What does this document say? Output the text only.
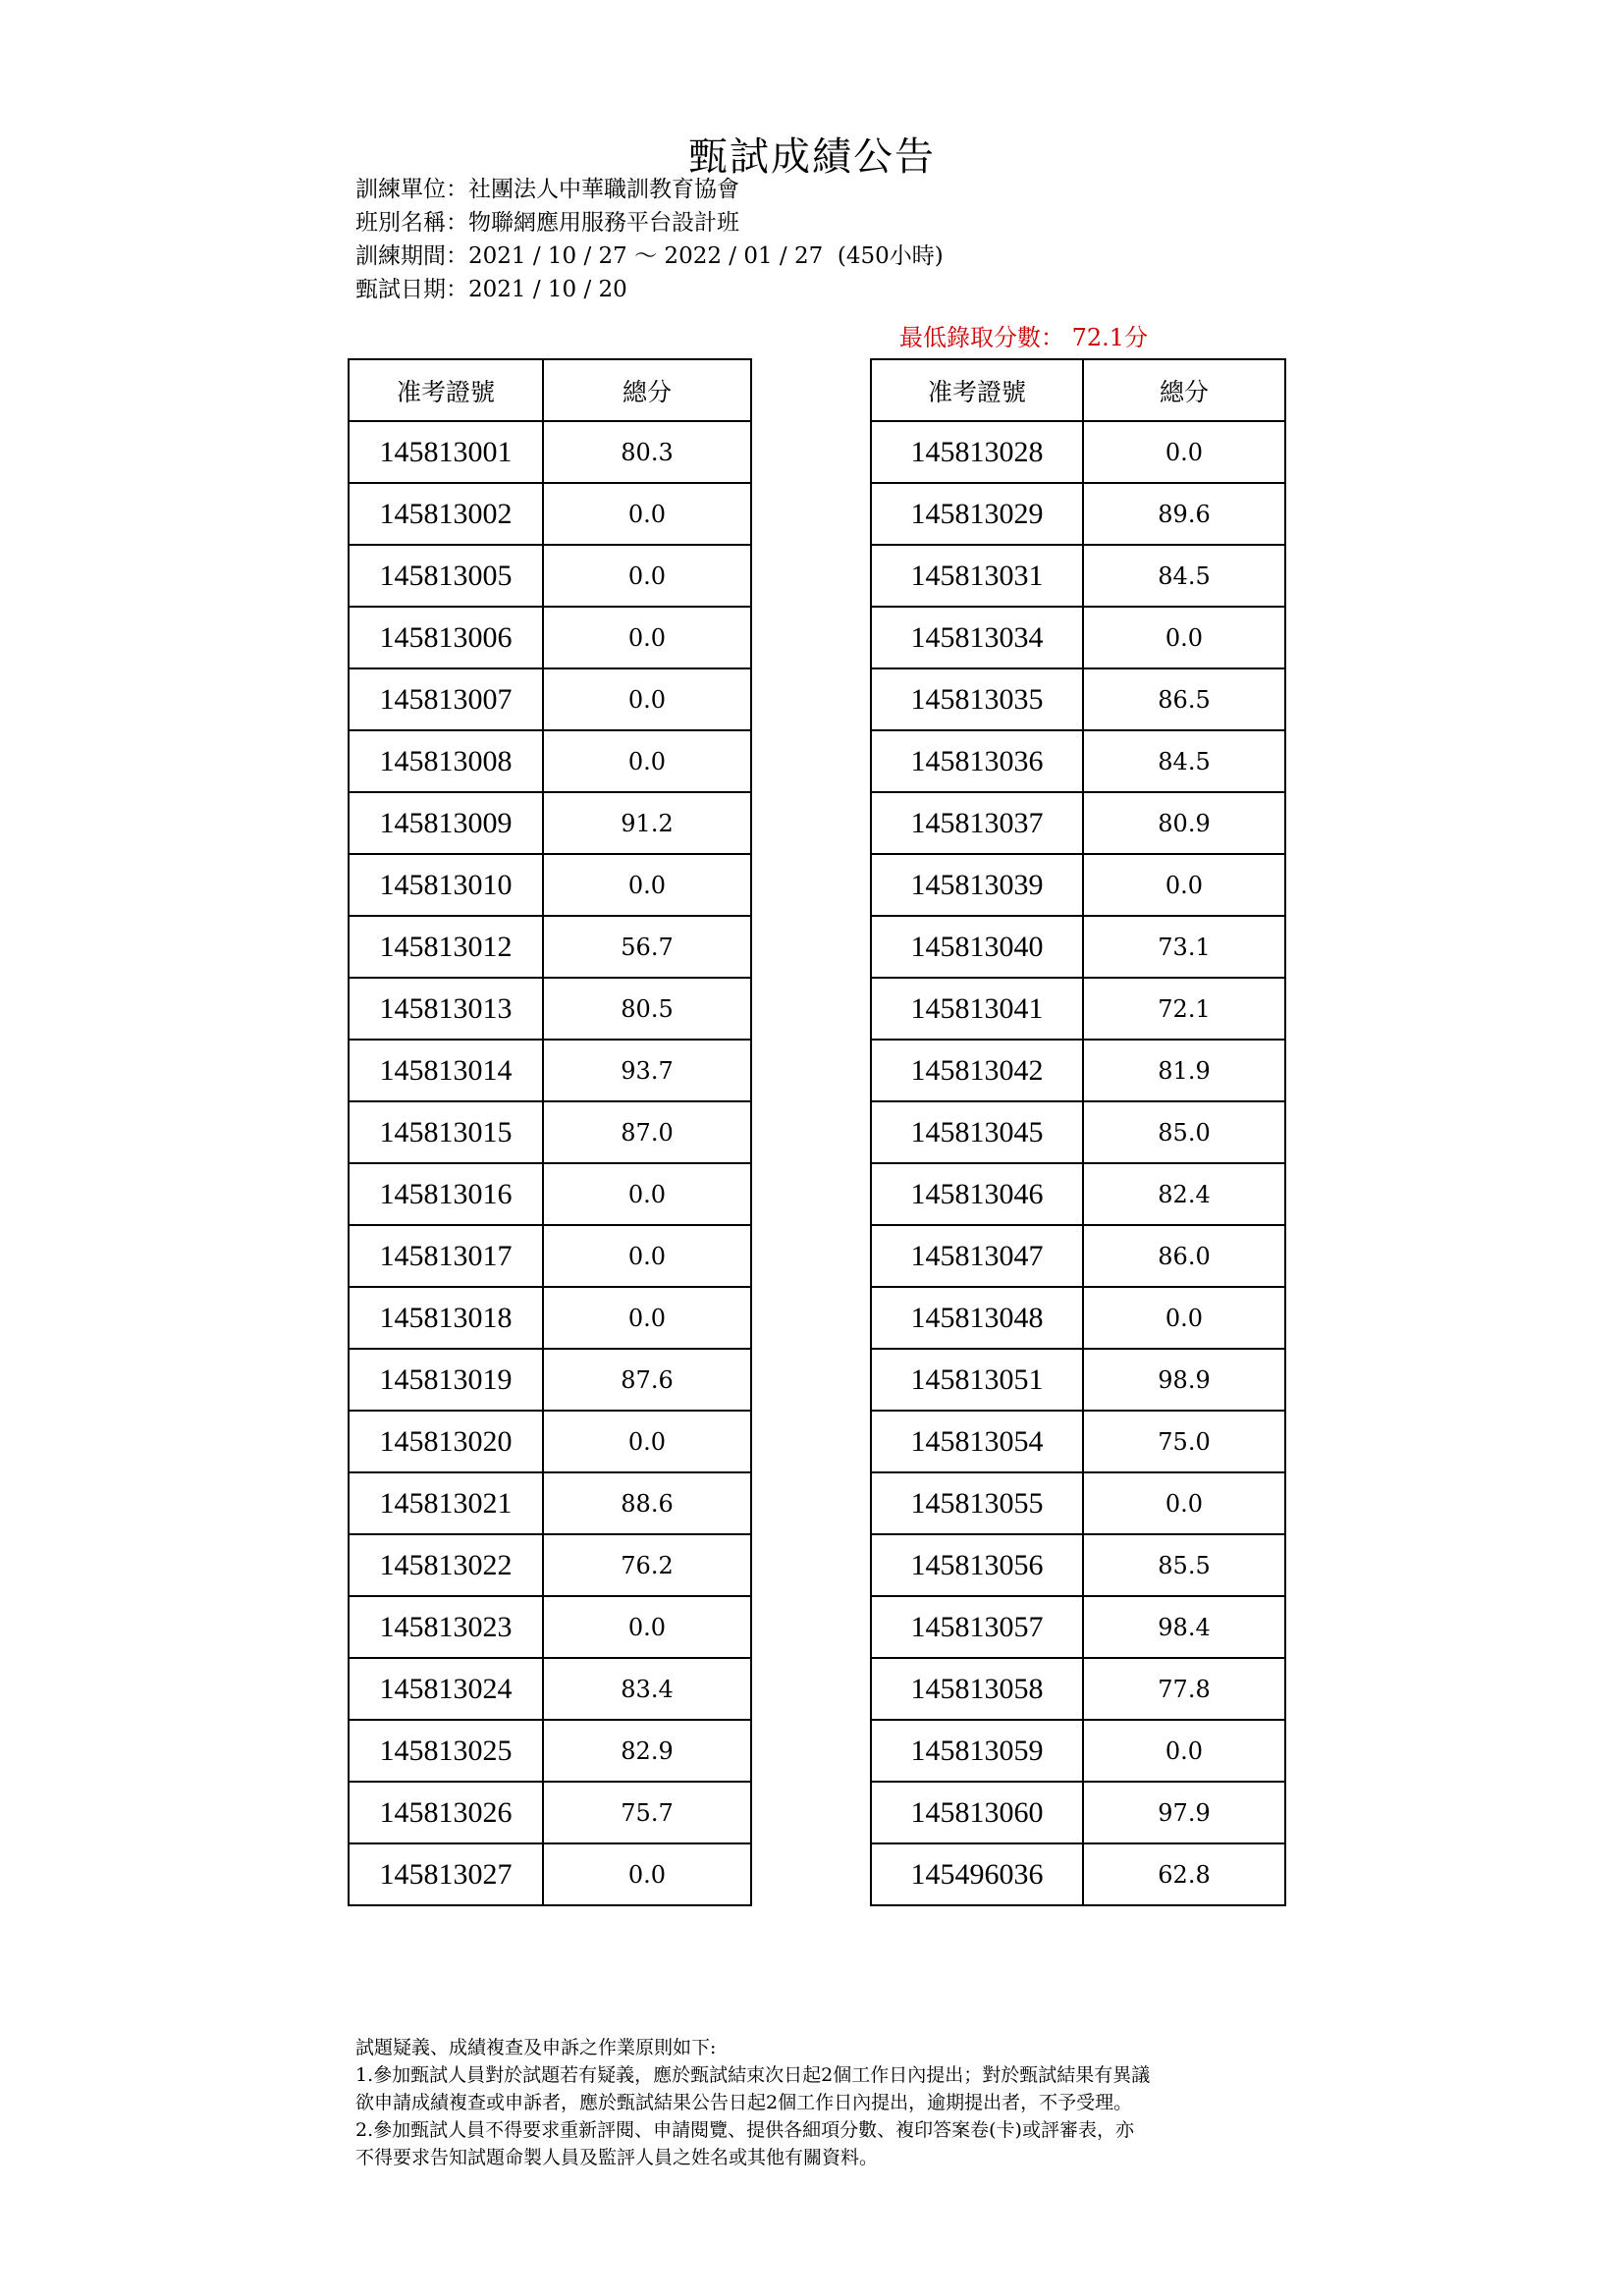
甄試成績公告
訓練單位：社團法人中華職訓教育協會
班別名稱：物聯網應用服務平台設計班
訓練期間：2021 / 10 / 27 ～ 2022 / 01 / 27  (450小時)
甄試日期：2021 / 10 / 20
最低錄取分數： 72.1分
准考證號	總分
145813001	80.3
145813002	0.0
145813005	0.0
145813006	0.0
145813007	0.0
145813008	0.0
145813009	91.2
145813010	0.0
145813012	56.7
145813013	80.5
145813014	93.7
145813015	87.0
145813016	0.0
145813017	0.0
145813018	0.0
145813019	87.6
145813020	0.0
145813021	88.6
145813022	76.2
145813023	0.0
145813024	83.4
145813025	82.9
145813026	75.7
145813027	0.0
准考證號	總分
145813028	0.0
145813029	89.6
145813031	84.5
145813034	0.0
145813035	86.5
145813036	84.5
145813037	80.9
145813039	0.0
145813040	73.1
145813041	72.1
145813042	81.9
145813045	85.0
145813046	82.4
145813047	86.0
145813048	0.0
145813051	98.9
145813054	75.0
145813055	0.0
145813056	85.5
145813057	98.4
145813058	77.8
145813059	0.0
145813060	97.9
145496036	62.8
試題疑義、成績複查及申訴之作業原則如下:
1.參加甄試人員對於試題若有疑義，應於甄試結束次日起2個工作日內提出；對於甄試結果有異議
欲申請成績複查或申訴者，應於甄試結果公告日起2個工作日內提出，逾期提出者，不予受理。
2.參加甄試人員不得要求重新評閱、申請閱覽、提供各細項分數、複印答案卷(卡)或評審表，亦
不得要求告知試題命製人員及監評人員之姓名或其他有關資料。
